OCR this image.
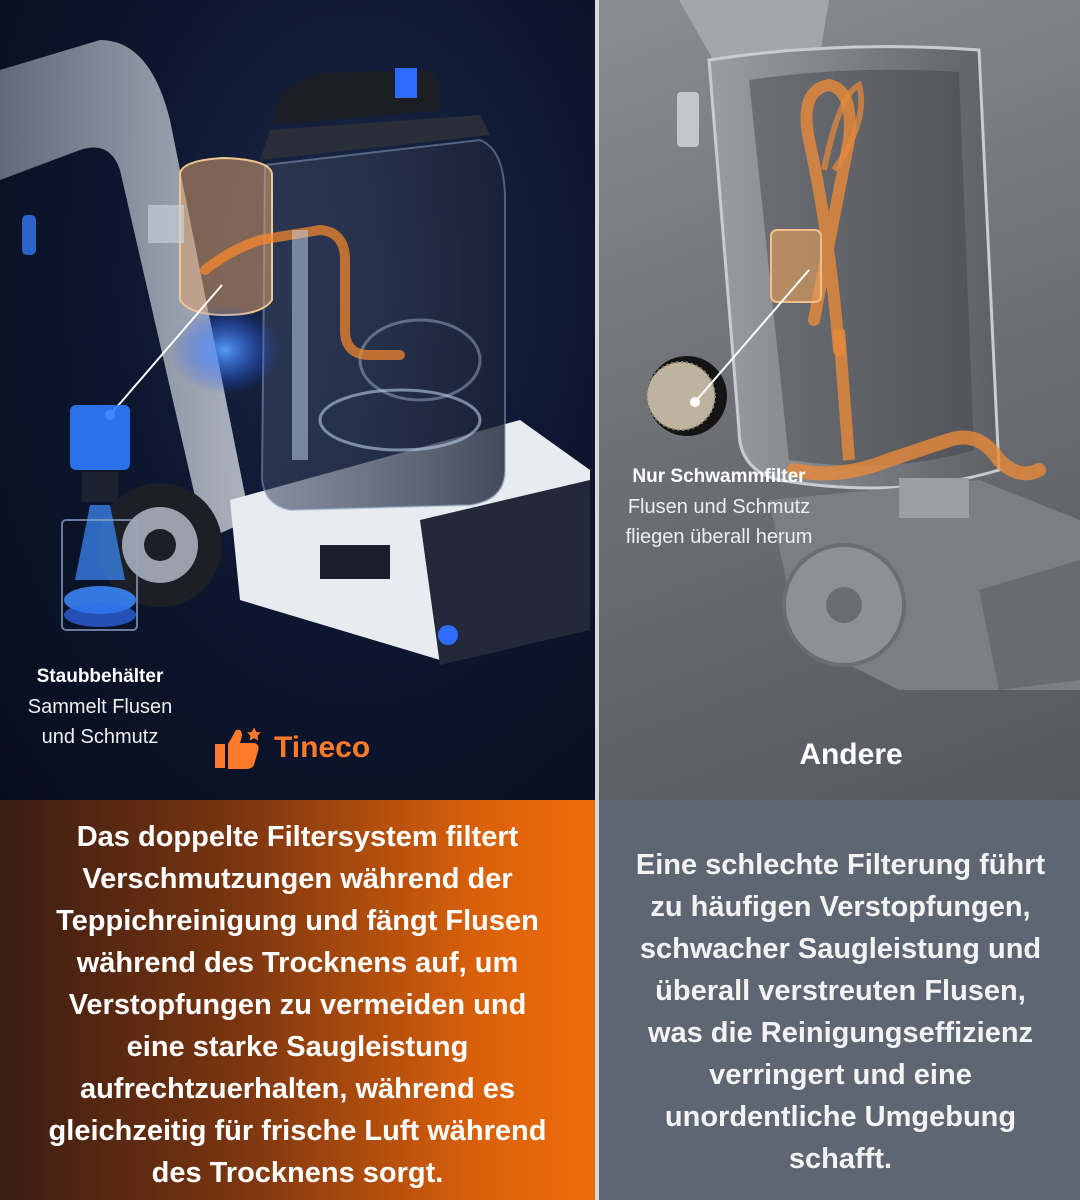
Staubbehälter
Sammelt Flusen
und Schmutz	Tineco
Nur Schwammfilter
Flusen und Schmutz
fliegen überall herum
Andere
Das doppelte Filtersystem filtert
Verschmutzungen während der
Teppichreinigung und fängt Flusen
während des Trocknens auf, um
Verstopfungen zu vermeiden und
eine starke Saugleistung
aufrechtzuerhalten, während es
gleichzeitig für frische Luft während
des Trocknens sorgt.
Eine schlechte Filterung führt
zu häufigen Verstopfungen,
schwacher Saugleistung und
überall verstreuten Flusen,
was die Reinigungseffizienz
verringert und eine
unordentliche Umgebung
schafft.
